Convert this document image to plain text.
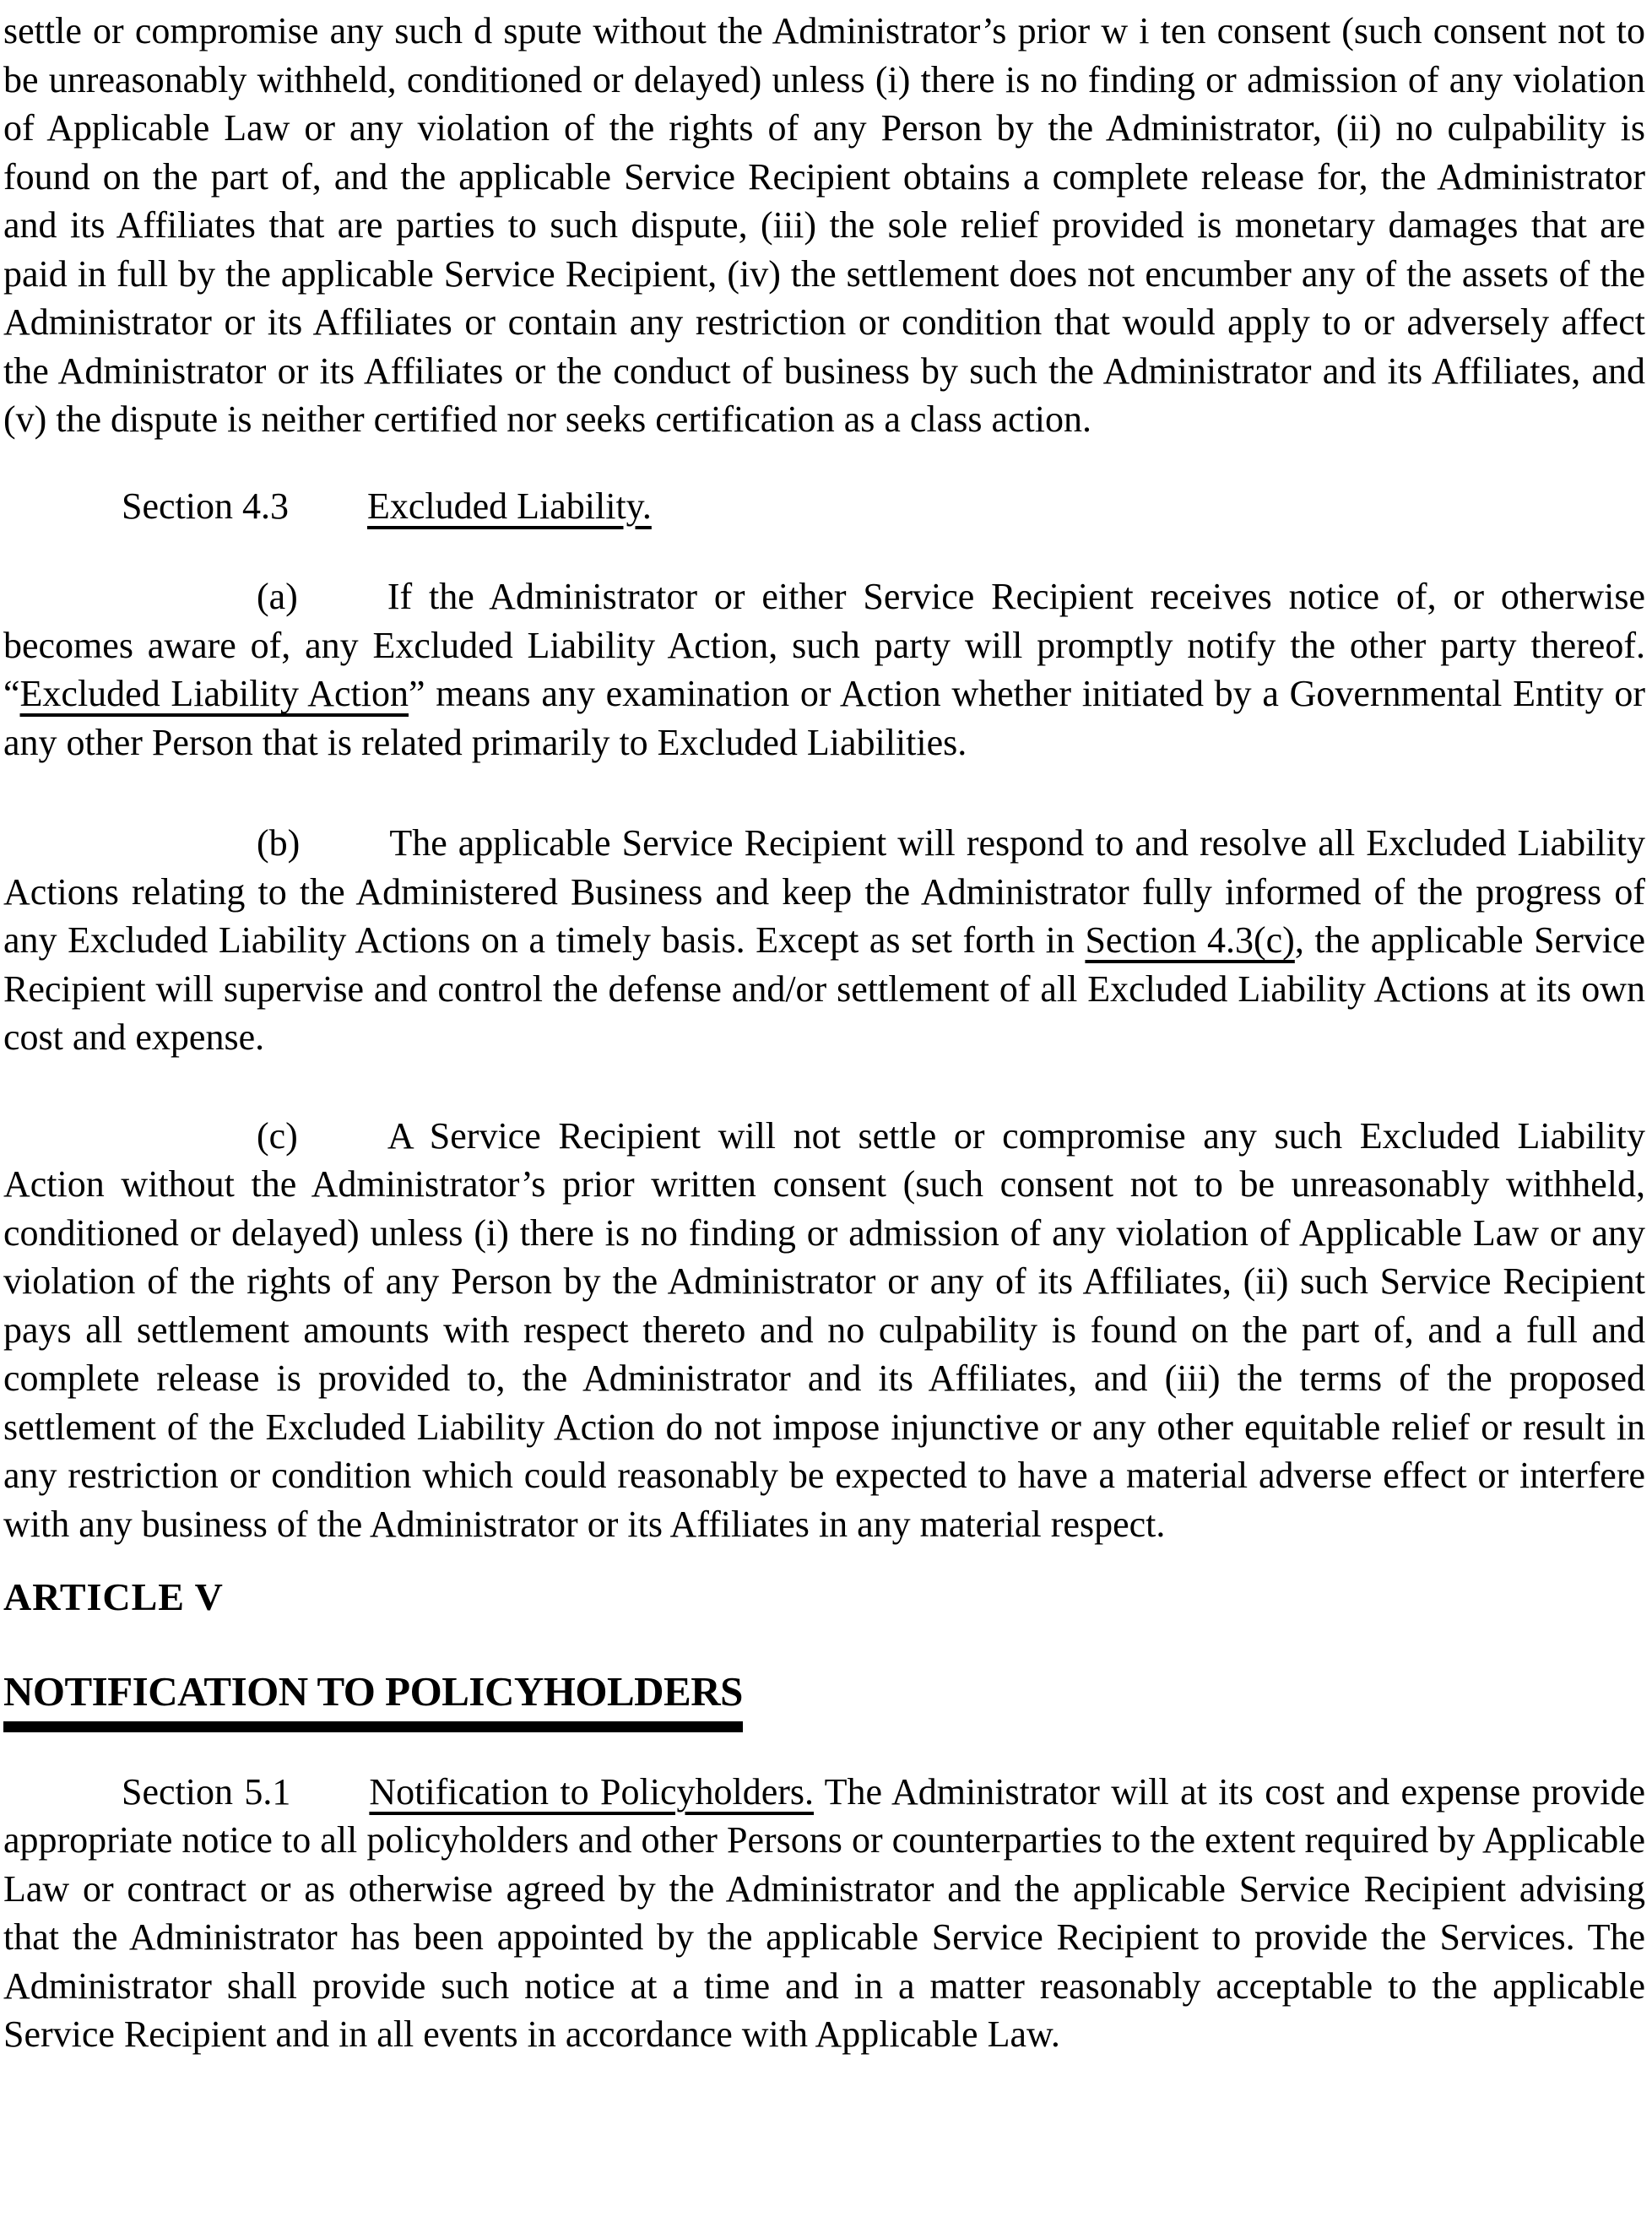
settle or compromise any such d spute without the Administrator’s prior w i ten consent (such consent not to be unreasonably withheld, conditioned or delayed) unless (i) there is no finding or admission of any violation of Applicable Law or any violation of the rights of any Person by the Administrator, (ii) no culpability is found on the part of, and the applicable Service Recipient obtains a complete release for, the Administrator and its Affiliates that are parties to such dispute, (iii) the sole relief provided is monetary damages that are paid in full by the applicable Service Recipient, (iv) the settlement does not encumber any of the assets of the Administrator or its Affiliates or contain any restriction or condition that would apply to or adversely affect the Administrator or its Affiliates or the conduct of business by such the Administrator and its Affiliates, and (v) the dispute is neither certified nor seeks certification as a class action.

Section 4.3 Excluded Liability.

(a) If the Administrator or either Service Recipient receives notice of, or otherwise becomes aware of, any Excluded Liability Action, such party will promptly notify the other party thereof. “Excluded Liability Action” means any examination or Action whether initiated by a Governmental Entity or any other Person that is related primarily to Excluded Liabilities.

(b) The applicable Service Recipient will respond to and resolve all Excluded Liability Actions relating to the Administered Business and keep the Administrator fully informed of the progress of any Excluded Liability Actions on a timely basis. Except as set forth in Section 4.3(c), the applicable Service Recipient will supervise and control the defense and/or settlement of all Excluded Liability Actions at its own cost and expense.

(c) A Service Recipient will not settle or compromise any such Excluded Liability Action without the Administrator’s prior written consent (such consent not to be unreasonably withheld, conditioned or delayed) unless (i) there is no finding or admission of any violation of Applicable Law or any violation of the rights of any Person by the Administrator or any of its Affiliates, (ii) such Service Recipient pays all settlement amounts with respect thereto and no culpability is found on the part of, and a full and complete release is provided to, the Administrator and its Affiliates, and (iii) the terms of the proposed settlement of the Excluded Liability Action do not impose injunctive or any other equitable relief or result in any restriction or condition which could reasonably be expected to have a material adverse effect or interfere with any business of the Administrator or its Affiliates in any material respect.

ARTICLE V

NOTIFICATION TO POLICYHOLDERS

Section 5.1 Notification to Policyholders. The Administrator will at its cost and expense provide appropriate notice to all policyholders and other Persons or counterparties to the extent required by Applicable Law or contract or as otherwise agreed by the Administrator and the applicable Service Recipient advising that the Administrator has been appointed by the applicable Service Recipient to provide the Services. The Administrator shall provide such notice at a time and in a matter reasonably acceptable to the applicable Service Recipient and in all events in accordance with Applicable Law.
